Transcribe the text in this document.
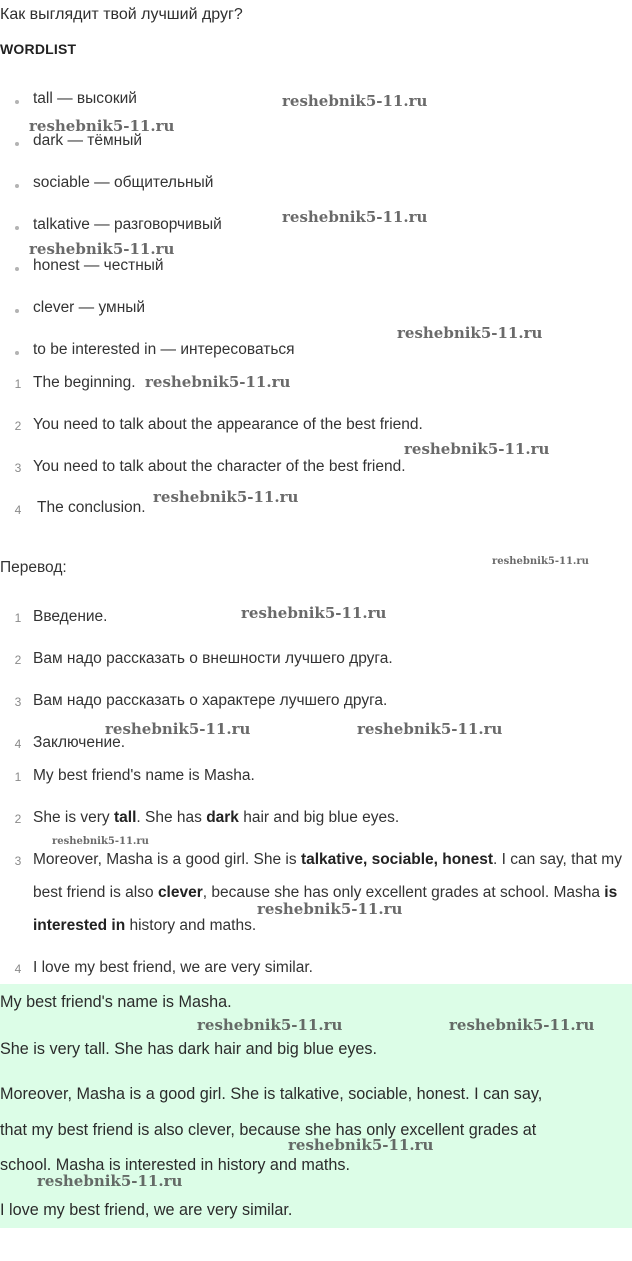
Как выглядит твой лучший друг?
WORDLIST
tall — высокий
dark — тёмный
sociable — общительный
talkative — разговорчивый
honest — честный
clever — умный
to be interested in — интересоваться
1 The beginning.
2 You need to talk about the appearance of the best friend.
3 You need to talk about the character of the best friend.
4 The conclusion.
Перевод:
1 Введение.
2 Вам надо рассказать о внешности лучшего друга.
3 Вам надо рассказать о характере лучшего друга.
4 Заключение.
1 My best friend's name is Masha.
2 She is very tall. She has dark hair and big blue eyes.
3 Moreover, Masha is a good girl. She is talkative, sociable, honest. I can say, that my best friend is also clever, because she has only excellent grades at school. Masha is interested in history and maths.
4 I love my best friend, we are very similar.
My best friend's name is Masha.
She is very tall. She has dark hair and big blue eyes.
Moreover, Masha is a good girl. She is talkative, sociable, honest. I can say,
that my best friend is also clever, because she has only excellent grades at
school. Masha is interested in history and maths.
I love my best friend, we are very similar.
reshebnik5-11.ru
reshebnik5-11.ru
reshebnik5-11.ru
reshebnik5-11.ru
reshebnik5-11.ru
reshebnik5-11.ru
reshebnik5-11.ru
reshebnik5-11.ru
reshebnik5-11.ru
reshebnik5-11.ru
reshebnik5-11.ru	reshebnik5-11.ru
reshebnik5-11.ru
reshebnik5-11.ru
reshebnik5-11.ru	reshebnik5-11.ru
reshebnik5-11.ru
reshebnik5-11.ru
